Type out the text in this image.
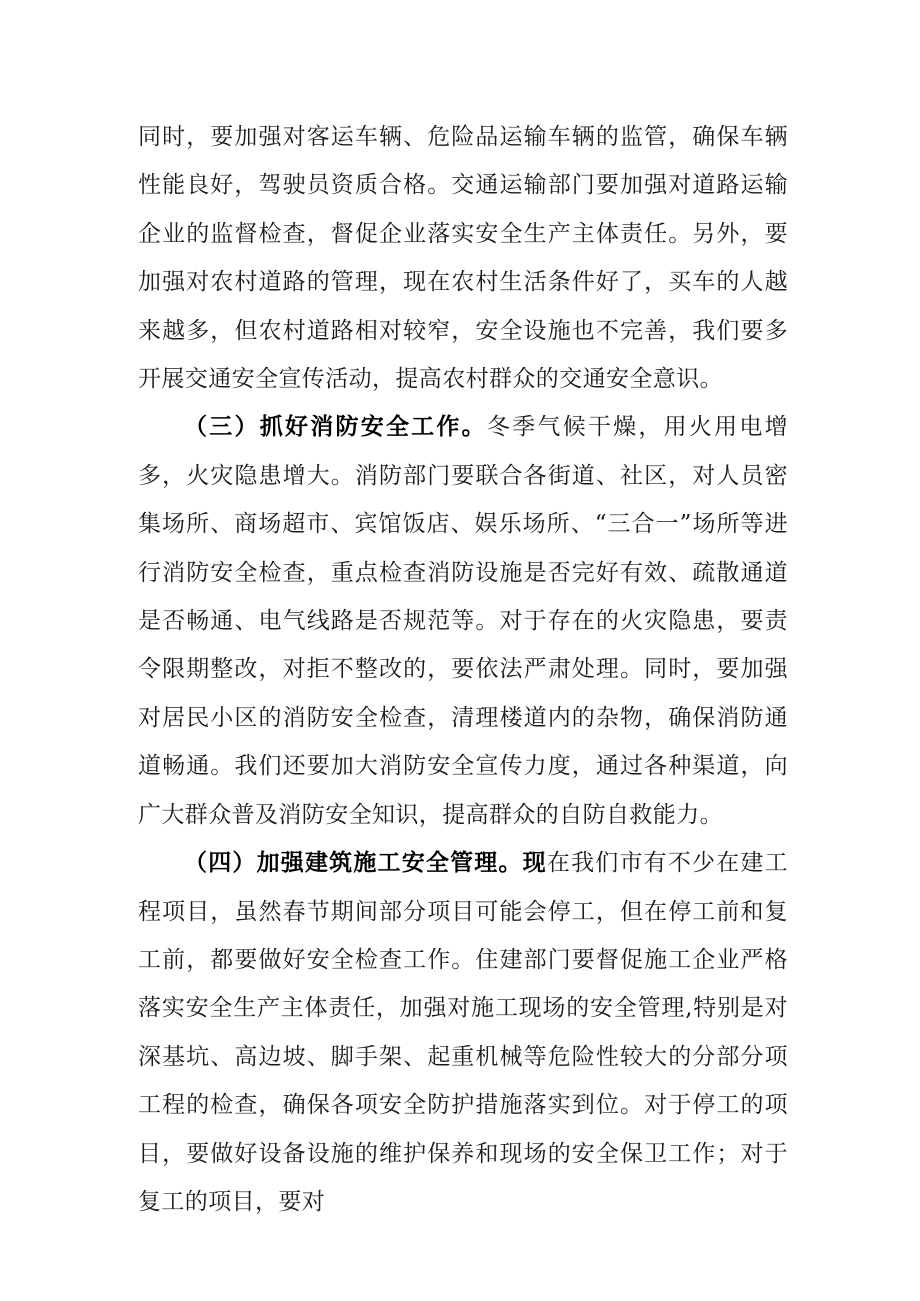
同时，要加强对客运车辆、危险品运输车辆的监管，确保车辆性能良好，驾驶员资质合格。交通运输部门要加强对道路运输企业的监督检查，督促企业落实安全生产主体责任。另外，要加强对农村道路的管理，现在农村生活条件好了，买车的人越来越多，但农村道路相对较窄，安全设施也不完善，我们要多开展交通安全宣传活动，提高农村群众的交通安全意识。

（三）抓好消防安全工作。冬季气候干燥，用火用电增多，火灾隐患增大。消防部门要联合各街道、社区，对人员密集场所、商场超市、宾馆饭店、娱乐场所、“三合一”场所等进行消防安全检查，重点检查消防设施是否完好有效、疏散通道是否畅通、电气线路是否规范等。对于存在的火灾隐患，要责令限期整改，对拒不整改的，要依法严肃处理。同时，要加强对居民小区的消防安全检查，清理楼道内的杂物，确保消防通道畅通。我们还要加大消防安全宣传力度，通过各种渠道，向广大群众普及消防安全知识，提高群众的自防自救能力。

（四）加强建筑施工安全管理。现在我们市有不少在建工程项目，虽然春节期间部分项目可能会停工，但在停工前和复工前，都要做好安全检查工作。住建部门要督促施工企业严格落实安全生产主体责任，加强对施工现场的安全管理,特别是对深基坑、高边坡、脚手架、起重机械等危险性较大的分部分项工程的检查，确保各项安全防护措施落实到位。对于停工的项目，要做好设备设施的维护保养和现场的安全保卫工作；对于复工的项目，要对
